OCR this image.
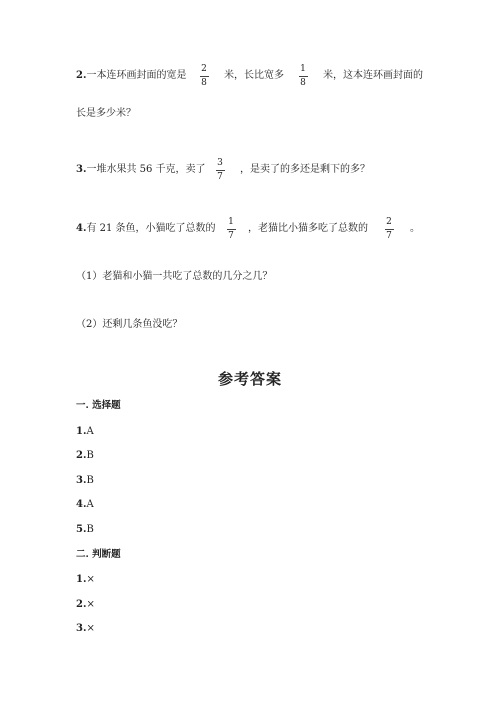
2.一本连环画封面的宽是
2
8
米，长比宽多
1
8
米，这本连环画封面的
长是多少米？
3.一堆水果共 56 千克，卖了
3
7
，是卖了的多还是剩下的多？
4.有 21 条鱼，小猫吃了总数的
1
7
，老猫比小猫多吃了总数的
2
7
。
（1）老猫和小猫一共吃了总数的几分之几？
（2）还剩几条鱼没吃？
参考答案
一. 选择题
1.A
2.B
3.B
4.A
5.B
二. 判断题
1.×
2.×
3.×
